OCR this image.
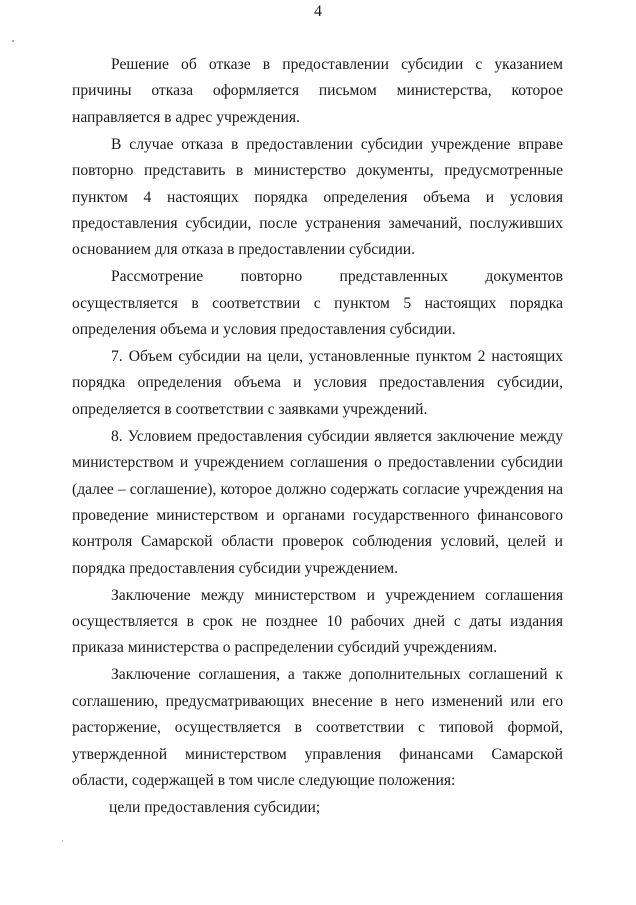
4

Решение об отказе в предоставлении субсидии с указанием причины отказа оформляется письмом министерства, которое направляется в адрес учреждения.

В случае отказа в предоставлении субсидии учреждение вправе повторно представить в министерство документы, предусмотренные пунктом 4 настоящих порядка определения объема и условия предоставления субсидии, после устранения замечаний, послуживших основанием для отказа в предоставлении субсидии.

Рассмотрение повторно представленных документов осуществляется в соответствии с пунктом 5 настоящих порядка определения объема и условия предоставления субсидии.

7. Объем субсидии на цели, установленные пунктом 2 настоящих порядка определения объема и условия предоставления субсидии, определяется в соответствии с заявками учреждений.

8. Условием предоставления субсидии является заключение между министерством и учреждением соглашения о предоставлении субсидии (далее – соглашение), которое должно содержать согласие учреждения на проведение министерством и органами государственного финансового контроля Самарской области проверок соблюдения условий, целей и порядка предоставления субсидии учреждением.

Заключение между министерством и учреждением соглашения осуществляется в срок не позднее 10 рабочих дней с даты издания приказа министерства о распределении субсидий учреждениям.

Заключение соглашения, а также дополнительных соглашений к соглашению, предусматривающих внесение в него изменений или его расторжение, осуществляется в соответствии с типовой формой, утвержденной министерством управления финансами Самарской области, содержащей в том числе следующие положения:

цели предоставления субсидии;
